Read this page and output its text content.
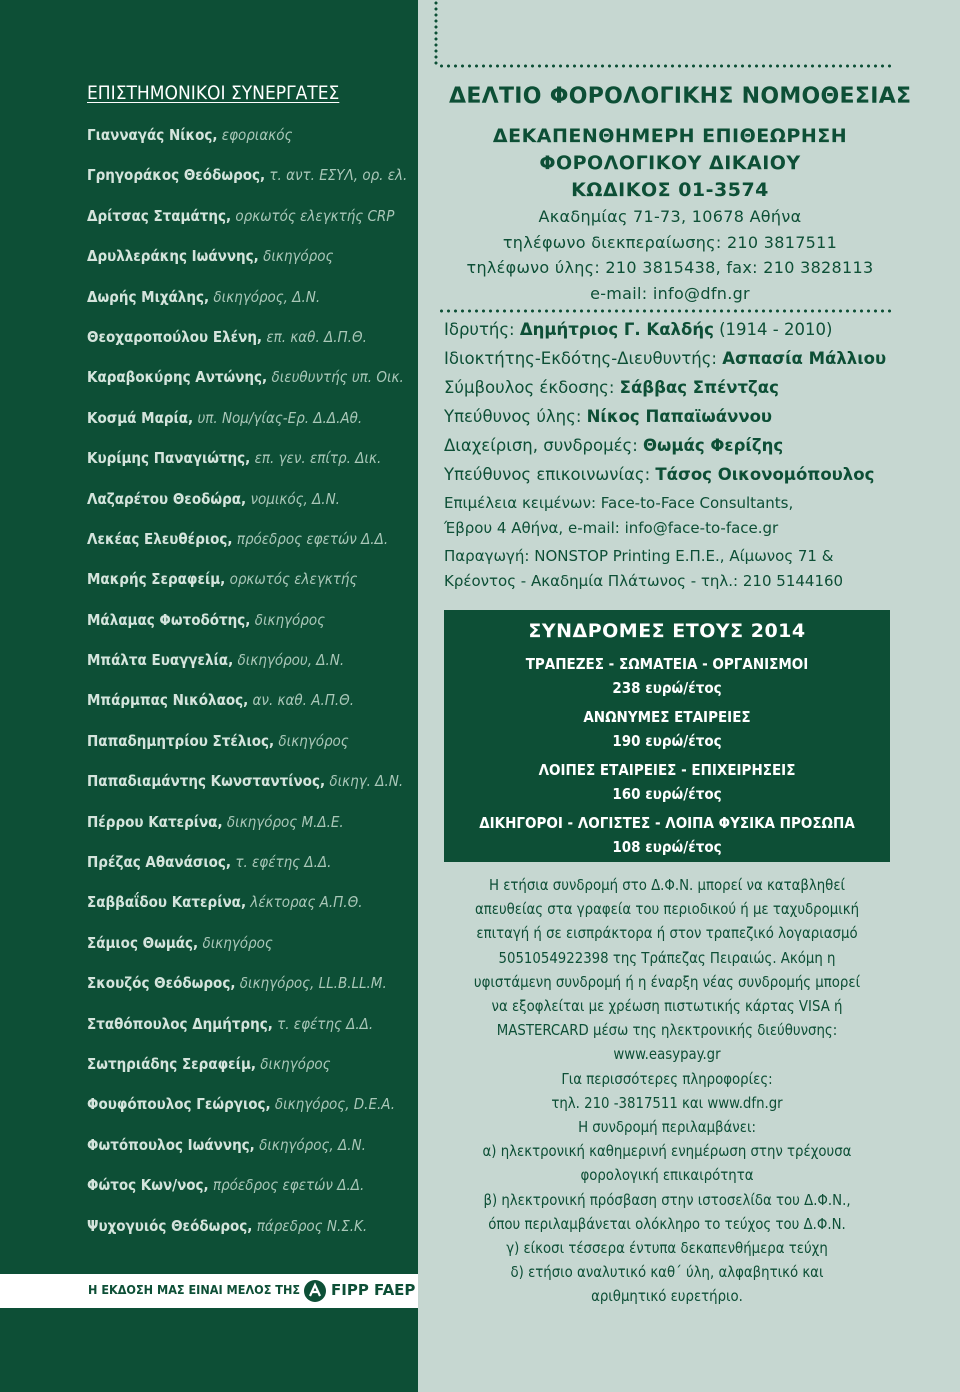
ΕΠΙΣΤΗΜΟΝΙΚΟΙ ΣΥΝΕΡΓΑΤΕΣ
Γιανναγάς Νίκος, εφοριακός
Γρηγοράκος Θεόδωρος, τ. αντ. ΕΣΥΛ, ορ. ελ.
Δρίτσας Σταμάτης, ορκωτός ελεγκτής CRP
Δρυλλεράκης Ιωάννης, δικηγόρος
Δωρής Μιχάλης, δικηγόρος, Δ.Ν.
Θεοχαροπούλου Ελένη, επ. καθ. Δ.Π.Θ.
Καραβοκύρης Αντώνης, διευθυντής υπ. Οικ.
Κοσμά Μαρία, υπ. Νομ/γίας-Ερ. Δ.Δ.Αθ.
Κυρίμης Παναγιώτης, επ. γεν. επίτρ. Δικ.
Λαζαρέτου Θεοδώρα, νομικός, Δ.Ν.
Λεκέας Ελευθέριος, πρόεδρος εφετών Δ.Δ.
Μακρής Σεραφείμ, ορκωτός ελεγκτής
Μάλαμας Φωτοδότης, δικηγόρος
Μπάλτα Ευαγγελία, δικηγόρου, Δ.Ν.
Μπάρμπας Νικόλαος, αν. καθ. Α.Π.Θ.
Παπαδημητρίου Στέλιος, δικηγόρος
Παπαδιαμάντης Κωνσταντίνος, δικηγ. Δ.Ν.
Πέρρου Κατερίνα, δικηγόρος Μ.Δ.Ε.
Πρέζας Αθανάσιος, τ. εφέτης Δ.Δ.
Σαββαΐδου Κατερίνα, λέκτορας Α.Π.Θ.
Σάμιος Θωμάς, δικηγόρος
Σκουζός Θεόδωρος, δικηγόρος, LL.B.LL.M.
Σταθόπουλος Δημήτρης, τ. εφέτης Δ.Δ.
Σωτηριάδης Σεραφείμ, δικηγόρος
Φουφόπουλος Γεώργιος, δικηγόρος, D.E.A.
Φωτόπουλος Ιωάννης, δικηγόρος, Δ.Ν.
Φώτος Κων/νος, πρόεδρος εφετών Δ.Δ.
Ψυχογυιός Θεόδωρος, πάρεδρος Ν.Σ.Κ.
Η ΕΚΔΟΣΗ ΜΑΣ ΕΙΝΑΙ ΜΕΛΟΣ ΤΗΣ FIPP FAEP
ΔΕΛΤΙΟ ΦΟΡΟΛΟΓΙΚΗΣ ΝΟΜΟΘΕΣΙΑΣ
ΔΕΚΑΠΕΝΘΗΜΕΡΗ ΕΠΙΘΕΩΡΗΣΗ
ΦΟΡΟΛΟΓΙΚΟΥ ΔΙΚΑΙΟΥ
ΚΩΔΙΚΟΣ 01-3574
Ακαδημίας 71-73, 10678 Αθήνα
τηλέφωνο διεκπεραίωσης: 210 3817511
τηλέφωνο ύλης: 210 3815438, fax: 210 3828113
e-mail: info@dfn.gr
Ιδρυτής: Δημήτριος Γ. Καλδής (1914 - 2010)
Ιδιοκτήτης-Εκδότης-Διευθυντής: Ασπασία Μάλλιου
Σύμβουλος έκδοσης: Σάββας Σπέντζας
Υπεύθυνος ύλης: Νίκος Παπαϊωάννου
Διαχείριση, συνδρομές: Θωμάς Φερίζης
Υπεύθυνος επικοινωνίας: Τάσος Οικονομόπουλος
Επιμέλεια κειμένων: Face-to-Face Consultants,
Έβρου 4 Αθήνα, e-mail: info@face-to-face.gr
Παραγωγή: NONSTOP Printing Ε.Π.Ε., Αίμωνος 71 &
Κρέοντος - Ακαδημία Πλάτωνος - τηλ.: 210 5144160
ΣΥΝΔΡΟΜΕΣ ΕΤΟΥΣ 2014
ΤΡΑΠΕΖΕΣ - ΣΩΜΑΤΕΙΑ - ΟΡΓΑΝΙΣΜΟΙ
238 ευρώ/έτος
ΑΝΩΝΥΜΕΣ ΕΤΑΙΡΕΙΕΣ
190 ευρώ/έτος
ΛΟΙΠΕΣ ΕΤΑΙΡΕΙΕΣ - ΕΠΙΧΕΙΡΗΣΕΙΣ
160 ευρώ/έτος
ΔΙΚΗΓΟΡΟΙ - ΛΟΓΙΣΤΕΣ - ΛΟΙΠΑ ΦΥΣΙΚΑ ΠΡΟΣΩΠΑ
108 ευρώ/έτος
Η ετήσια συνδρομή στο Δ.Φ.Ν. μπορεί να καταβληθεί
απευθείας στα γραφεία του περιοδικού ή με ταχυδρομική
επιταγή ή σε εισπράκτορα ή στον τραπεζικό λογαριασμό
5051054922398 της Τράπεζας Πειραιώς. Ακόμη η
υφιστάμενη συνδρομή ή η έναρξη νέας συνδρομής μπορεί
να εξοφλείται με χρέωση πιστωτικής κάρτας VISA ή
MASTERCARD μέσω της ηλεκτρονικής διεύθυνσης:
www.easypay.gr
Για περισσότερες πληροφορίες:
τηλ. 210 -3817511 και www.dfn.gr
Η συνδρομή περιλαμβάνει:
α) ηλεκτρονική καθημερινή ενημέρωση στην τρέχουσα
φορολογική επικαιρότητα
β) ηλεκτρονική πρόσβαση στην ιστοσελίδα του Δ.Φ.Ν.,
όπου περιλαμβάνεται ολόκληρο το τεύχος του Δ.Φ.Ν.
γ) είκοσι τέσσερα έντυπα δεκαπενθήμερα τεύχη
δ) ετήσιο αναλυτικό καθ΄ ύλη, αλφαβητικό και
αριθμητικό ευρετήριο.
